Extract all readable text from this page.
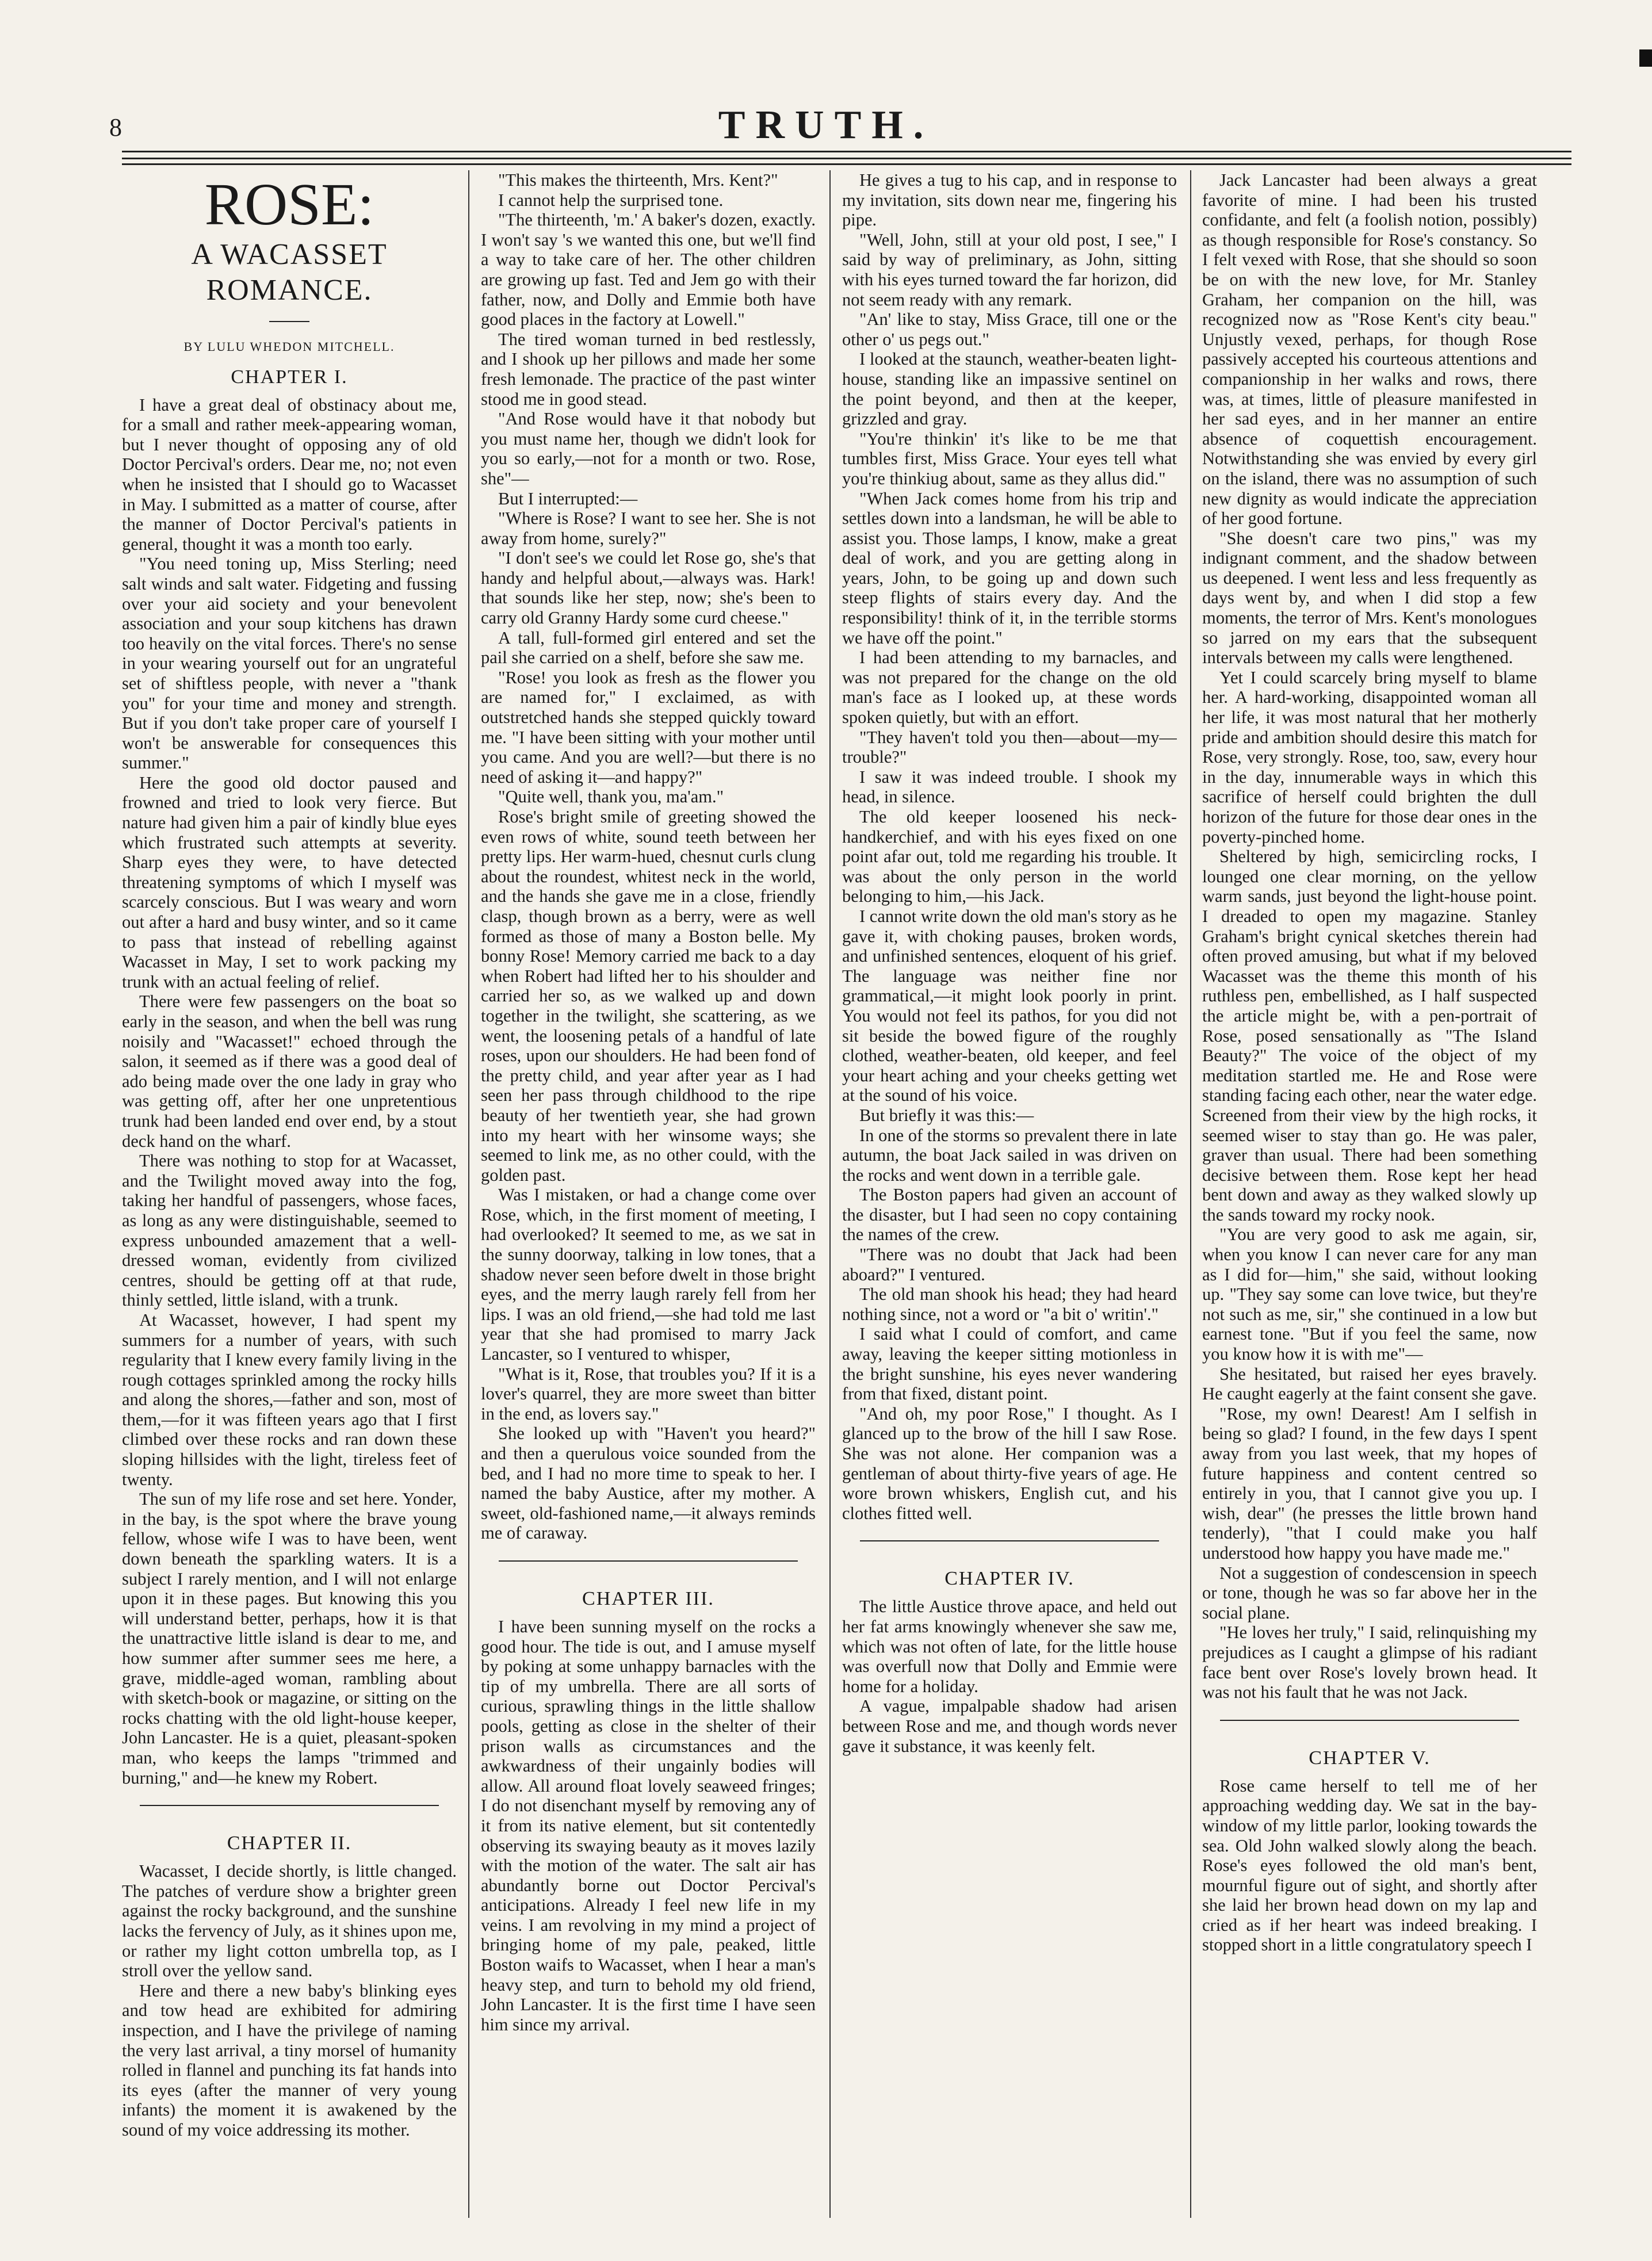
8	TRUTH.
ROSE:
A WACASSET ROMANCE.
BY LULU WHEDON MITCHELL.
CHAPTER I.

I have a great deal of obstinacy about me, for a small and rather meek-appearing woman, but I never thought of opposing any of old Doctor Percival's orders. Dear me, no; not even when he insisted that I should go to Wacasset in May. I submitted as a matter of course, after the manner of Doctor Percival's patients in general, thought it was a month too early.

"You need toning up, Miss Sterling; need salt winds and salt water. Fidgeting and fussing over your aid society and your benevolent association and your soup kitchens has drawn too heavily on the vital forces. There's no sense in your wearing yourself out for an ungrateful set of shiftless people, with never a "thank you" for your time and money and strength. But if you don't take proper care of yourself I won't be answerable for consequences this summer."

Here the good old doctor paused and frowned and tried to look very fierce. But nature had given him a pair of kindly blue eyes which frustrated such attempts at severity. Sharp eyes they were, to have detected threatening symptoms of which I myself was scarcely conscious. But I was weary and worn out after a hard and busy winter, and so it came to pass that instead of rebelling against Wacasset in May, I set to work packing my trunk with an actual feeling of relief.

There were few passengers on the boat so early in the season, and when the bell was rung noisily and "Wacasset!" echoed through the salon, it seemed as if there was a good deal of ado being made over the one lady in gray who was getting off, after her one unpretentious trunk had been landed end over end, by a stout deck hand on the wharf.

There was nothing to stop for at Wacasset, and the Twilight moved away into the fog, taking her handful of passengers, whose faces, as long as any were distinguishable, seemed to express unbounded amazement that a well-dressed woman, evidently from civilized centres, should be getting off at that rude, thinly settled, little island, with a trunk.

At Wacasset, however, I had spent my summers for a number of years, with such regularity that I knew every family living in the rough cottages sprinkled among the rocky hills and along the shores,—father and son, most of them,—for it was fifteen years ago that I first climbed over these rocks and ran down these sloping hillsides with the light, tireless feet of twenty.

The sun of my life rose and set here. Yonder, in the bay, is the spot where the brave young fellow, whose wife I was to have been, went down beneath the sparkling waters. It is a subject I rarely mention, and I will not enlarge upon it in these pages. But knowing this you will understand better, perhaps, how it is that the unattractive little island is dear to me, and how summer after summer sees me here, a grave, middle-aged woman, rambling about with sketch-book or magazine, or sitting on the rocks chatting with the old light-house keeper, John Lancaster. He is a quiet, pleasant-spoken man, who keeps the lamps "trimmed and burning," and—he knew my Robert.

CHAPTER II.

Wacasset, I decide shortly, is little changed. The patches of verdure show a brighter green against the rocky background, and the sunshine lacks the fervency of July, as it shines upon me, or rather my light cotton umbrella top, as I stroll over the yellow sand.

Here and there a new baby's blinking eyes and tow head are exhibited for admiring inspection, and I have the privilege of naming the very last arrival, a tiny morsel of humanity rolled in flannel and punching its fat hands into its eyes (after the manner of very young infants) the moment it is awakened by the sound of my voice addressing its mother.

"This makes the thirteenth, Mrs. Kent?"

I cannot help the surprised tone.

"The thirteenth, 'm.' A baker's dozen, exactly. I won't say 's we wanted this one, but we'll find a way to take care of her. The other children are growing up fast. Ted and Jem go with their father, now, and Dolly and Emmie both have good places in the factory at Lowell."

The tired woman turned in bed restlessly, and I shook up her pillows and made her some fresh lemonade. The practice of the past winter stood me in good stead.

"And Rose would have it that nobody but you must name her, though we didn't look for you so early,—not for a month or two. Rose, she"—

But I interrupted:—

"Where is Rose? I want to see her. She is not away from home, surely?"

"I don't see's we could let Rose go, she's that handy and helpful about,—always was. Hark! that sounds like her step, now; she's been to carry old Granny Hardy some curd cheese."

A tall, full-formed girl entered and set the pail she carried on a shelf, before she saw me.

"Rose! you look as fresh as the flower you are named for," I exclaimed, as with outstretched hands she stepped quickly toward me. "I have been sitting with your mother until you came. And you are well?—but there is no need of asking it—and happy?"

"Quite well, thank you, ma'am."

Rose's bright smile of greeting showed the even rows of white, sound teeth between her pretty lips. Her warm-hued, chesnut curls clung about the roundest, whitest neck in the world, and the hands she gave me in a close, friendly clasp, though brown as a berry, were as well formed as those of many a Boston belle. My bonny Rose! Memory carried me back to a day when Robert had lifted her to his shoulder and carried her so, as we walked up and down together in the twilight, she scattering, as we went, the loosening petals of a handful of late roses, upon our shoulders. He had been fond of the pretty child, and year after year as I had seen her pass through childhood to the ripe beauty of her twentieth year, she had grown into my heart with her winsome ways; she seemed to link me, as no other could, with the golden past.

Was I mistaken, or had a change come over Rose, which, in the first moment of meeting, I had overlooked? It seemed to me, as we sat in the sunny doorway, talking in low tones, that a shadow never seen before dwelt in those bright eyes, and the merry laugh rarely fell from her lips. I was an old friend,—she had told me last year that she had promised to marry Jack Lancaster, so I ventured to whisper,

"What is it, Rose, that troubles you? If it is a lover's quarrel, they are more sweet than bitter in the end, as lovers say."

She looked up with "Haven't you heard?" and then a querulous voice sounded from the bed, and I had no more time to speak to her. I named the baby Austice, after my mother. A sweet, old-fashioned name,—it always reminds me of caraway.

CHAPTER III.

I have been sunning myself on the rocks a good hour. The tide is out, and I amuse myself by poking at some unhappy barnacles with the tip of my umbrella. There are all sorts of curious, sprawling things in the little shallow pools, getting as close in the shelter of their prison walls as circumstances and the awkwardness of their ungainly bodies will allow. All around float lovely seaweed fringes; I do not disenchant myself by removing any of it from its native element, but sit contentedly observing its swaying beauty as it moves lazily with the motion of the water. The salt air has abundantly borne out Doctor Percival's anticipations. Already I feel new life in my veins. I am revolving in my mind a project of bringing home of my pale, peaked, little Boston waifs to Wacasset, when I hear a man's heavy step, and turn to behold my old friend, John Lancaster. It is the first time I have seen him since my arrival.

He gives a tug to his cap, and in response to my invitation, sits down near me, fingering his pipe.

"Well, John, still at your old post, I see," I said by way of preliminary, as John, sitting with his eyes turned toward the far horizon, did not seem ready with any remark.

"An' like to stay, Miss Grace, till one or the other o' us pegs out."

I looked at the staunch, weather-beaten light-house, standing like an impassive sentinel on the point beyond, and then at the keeper, grizzled and gray.

"You're thinkin' it's like to be me that tumbles first, Miss Grace. Your eyes tell what you're thinkiug about, same as they allus did."

"When Jack comes home from his trip and settles down into a landsman, he will be able to assist you. Those lamps, I know, make a great deal of work, and you are getting along in years, John, to be going up and down such steep flights of stairs every day. And the responsibility! think of it, in the terrible storms we have off the point."

I had been attending to my barnacles, and was not prepared for the change on the old man's face as I looked up, at these words spoken quietly, but with an effort.

"They haven't told you then—about—my—trouble?"

I saw it was indeed trouble. I shook my head, in silence.

The old keeper loosened his neck-handkerchief, and with his eyes fixed on one point afar out, told me regarding his trouble. It was about the only person in the world belonging to him,—his Jack.

I cannot write down the old man's story as he gave it, with choking pauses, broken words, and unfinished sentences, eloquent of his grief. The language was neither fine nor grammatical,—it might look poorly in print. You would not feel its pathos, for you did not sit beside the bowed figure of the roughly clothed, weather-beaten, old keeper, and feel your heart aching and your cheeks getting wet at the sound of his voice.

But briefly it was this:—

In one of the storms so prevalent there in late autumn, the boat Jack sailed in was driven on the rocks and went down in a terrible gale.

The Boston papers had given an account of the disaster, but I had seen no copy containing the names of the crew.

"There was no doubt that Jack had been aboard?" I ventured.

The old man shook his head; they had heard nothing since, not a word or "a bit o' writin'."

I said what I could of comfort, and came away, leaving the keeper sitting motionless in the bright sunshine, his eyes never wandering from that fixed, distant point.

"And oh, my poor Rose," I thought. As I glanced up to the brow of the hill I saw Rose. She was not alone. Her companion was a gentleman of about thirty-five years of age. He wore brown whiskers, English cut, and his clothes fitted well.

CHAPTER IV.

The little Austice throve apace, and held out her fat arms knowingly whenever she saw me, which was not often of late, for the little house was overfull now that Dolly and Emmie were home for a holiday.

A vague, impalpable shadow had arisen between Rose and me, and though words never gave it substance, it was keenly felt.

Jack Lancaster had been always a great favorite of mine. I had been his trusted confidante, and felt (a foolish notion, possibly) as though responsible for Rose's constancy. So I felt vexed with Rose, that she should so soon be on with the new love, for Mr. Stanley Graham, her companion on the hill, was recognized now as "Rose Kent's city beau." Unjustly vexed, perhaps, for though Rose passively accepted his courteous attentions and companionship in her walks and rows, there was, at times, little of pleasure manifested in her sad eyes, and in her manner an entire absence of coquettish encouragement. Notwithstanding she was envied by every girl on the island, there was no assumption of such new dignity as would indicate the appreciation of her good fortune.

"She doesn't care two pins," was my indignant comment, and the shadow between us deepened. I went less and less frequently as days went by, and when I did stop a few moments, the terror of Mrs. Kent's monologues so jarred on my ears that the subsequent intervals between my calls were lengthened.

Yet I could scarcely bring myself to blame her. A hard-working, disappointed woman all her life, it was most natural that her motherly pride and ambition should desire this match for Rose, very strongly. Rose, too, saw, every hour in the day, innumerable ways in which this sacrifice of herself could brighten the dull horizon of the future for those dear ones in the poverty-pinched home.

Sheltered by high, semicircling rocks, I lounged one clear morning, on the yellow warm sands, just beyond the light-house point. I dreaded to open my magazine. Stanley Graham's bright cynical sketches therein had often proved amusing, but what if my beloved Wacasset was the theme this month of his ruthless pen, embellished, as I half suspected the article might be, with a pen-portrait of Rose, posed sensationally as "The Island Beauty?" The voice of the object of my meditation startled me. He and Rose were standing facing each other, near the water edge. Screened from their view by the high rocks, it seemed wiser to stay than go. He was paler, graver than usual. There had been something decisive between them. Rose kept her head bent down and away as they walked slowly up the sands toward my rocky nook.

"You are very good to ask me again, sir, when you know I can never care for any man as I did for—him," she said, without looking up. "They say some can love twice, but they're not such as me, sir," she continued in a low but earnest tone. "But if you feel the same, now you know how it is with me"—

She hesitated, but raised her eyes bravely. He caught eagerly at the faint consent she gave.

"Rose, my own! Dearest! Am I selfish in being so glad? I found, in the few days I spent away from you last week, that my hopes of future happiness and content centred so entirely in you, that I cannot give you up. I wish, dear" (he presses the little brown hand tenderly), "that I could make you half understood how happy you have made me."

Not a suggestion of condescension in speech or tone, though he was so far above her in the social plane.

"He loves her truly," I said, relinquishing my prejudices as I caught a glimpse of his radiant face bent over Rose's lovely brown head. It was not his fault that he was not Jack.

CHAPTER V.

Rose came herself to tell me of her approaching wedding day. We sat in the bay-window of my little parlor, looking towards the sea. Old John walked slowly along the beach. Rose's eyes followed the old man's bent, mournful figure out of sight, and shortly after she laid her brown head down on my lap and cried as if her heart was indeed breaking. I stopped short in a little congratulatory speech I
